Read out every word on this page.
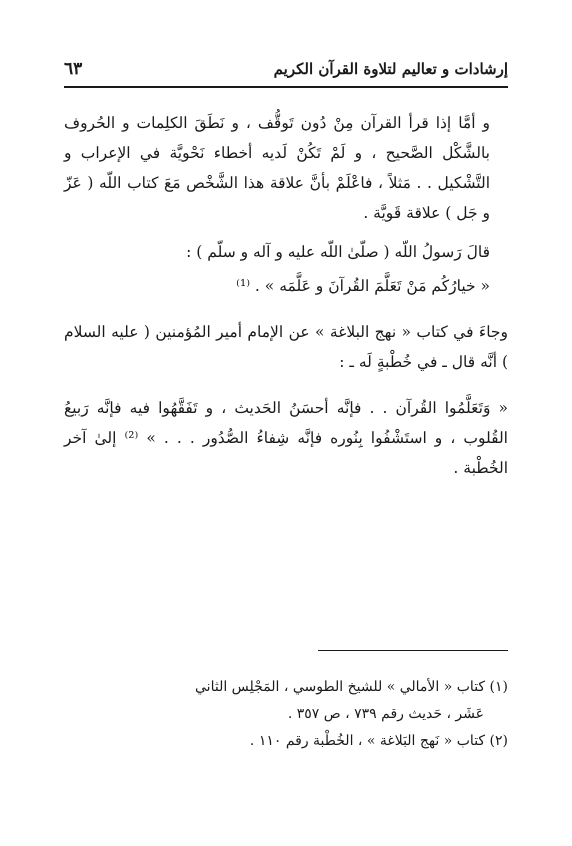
إرشادات و تعاليم لتلاوة القرآن الكريم
٦٣

و أمَّا إذا قرأ القرآن مِنْ دُون تَوقُّف ، و نَطَقَ الكلِمات و الحُروف بالشَّكْل الصَّحيح ، و لَمْ تَكُنْ لَديه أخطاء نَحْويَّة في الإعراب و التَّشْكيل . . مَثلاً ، فاعْلَمْ بأنَّ علاقة هذا الشَّخْص مَعَ كتاب اللّه ( عَزّ و جَل ) علاقة قَويَّة .

قالَ رَسولُ اللّه ( صلّىٰ اللّه عليه و آله و سلّم ) :

« خيارُكُم مَنْ تَعَلَّمَ القُرآنَ و عَلَّمَه » . ⁽¹⁾

وجاءَ في كتاب « نهج البلاغة » عن الإمام أمير المُؤمنين ( عليه السلام ) أنَّه قال ـ في خُطْبةٍ لَه ـ :

« وَتَعَلَّمُوا القُرآن . . فإنَّه أحسَنُ الحَديث ، و تَفَقَّهُوا فيه فإنَّه رَبيعُ القُلوب ، و استَشْفُوا بِنُوره فإنَّه شِفاءُ الصُّدُور . . . » ⁽²⁾ إلىٰ آخر الخُطْبة .

(١) كتاب « الأمالي » للشيخ الطوسي ، المَجْلِس الثاني

عَشَر ، حَديث رقم ٧٣٩ ، ص ٣٥٧ .

(٢) كتاب « نَهج البَلاغة » ، الخُطْبة رقم ١١٠ .
